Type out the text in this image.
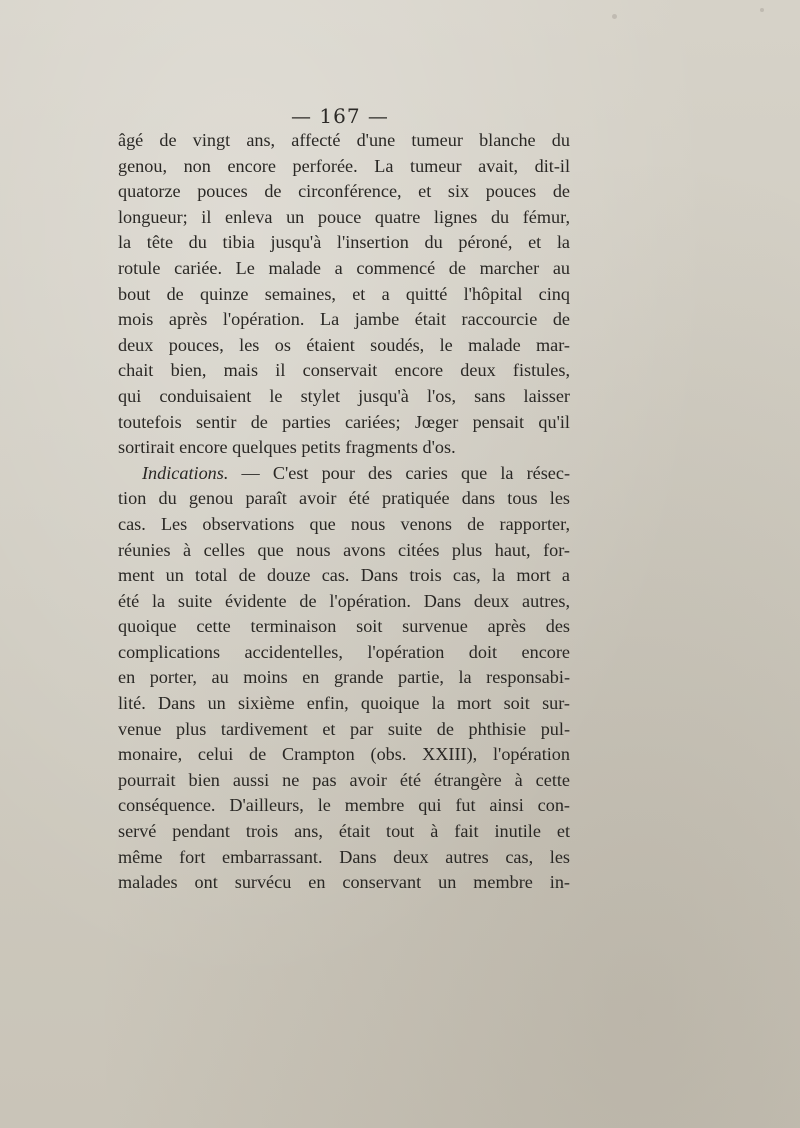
— 167 —
âgé de vingt ans, affecté d'une tumeur blanche du
genou, non encore perforée. La tumeur avait, dit-il
quatorze pouces de circonférence, et six pouces de
longueur; il enleva un pouce quatre lignes du fémur,
la tête du tibia jusqu'à l'insertion du péroné, et la
rotule cariée. Le malade a commencé de marcher au
bout de quinze semaines, et a quitté l'hôpital cinq
mois après l'opération. La jambe était raccourcie de
deux pouces, les os étaient soudés, le malade mar-
chait bien, mais il conservait encore deux fistules,
qui conduisaient le stylet jusqu'à l'os, sans laisser
toutefois sentir de parties cariées; Jœger pensait qu'il
sortirait encore quelques petits fragments d'os.
Indications. — C'est pour des caries que la résec-
tion du genou paraît avoir été pratiquée dans tous les
cas. Les observations que nous venons de rapporter,
réunies à celles que nous avons citées plus haut, for-
ment un total de douze cas. Dans trois cas, la mort a
été la suite évidente de l'opération. Dans deux autres,
quoique cette terminaison soit survenue après des
complications accidentelles, l'opération doit encore
en porter, au moins en grande partie, la responsabi-
lité. Dans un sixième enfin, quoique la mort soit sur-
venue plus tardivement et par suite de phthisie pul-
monaire, celui de Crampton (obs. XXIII), l'opération
pourrait bien aussi ne pas avoir été étrangère à cette
conséquence. D'ailleurs, le membre qui fut ainsi con-
servé pendant trois ans, était tout à fait inutile et
même fort embarrassant. Dans deux autres cas, les
malades ont survécu en conservant un membre in-
